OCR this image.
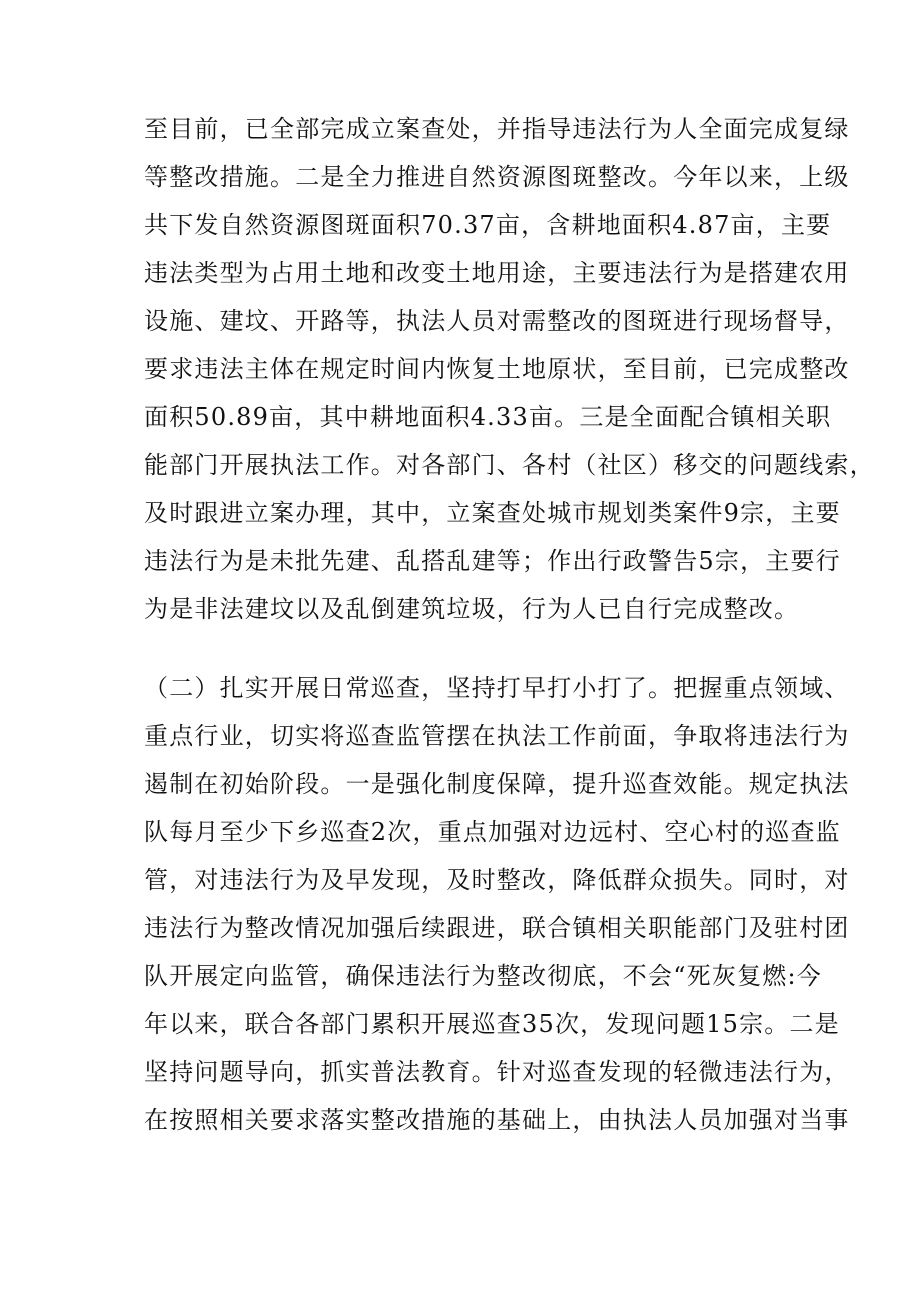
至目前，已全部完成立案查处，并指导违法行为人全面完成复绿
等整改措施。二是全力推进自然资源图斑整改。今年以来，上级
共下发自然资源图斑面积70.37亩，含耕地面积4.87亩，主要
违法类型为占用土地和改变土地用途，主要违法行为是搭建农用
设施、建坟、开路等，执法人员对需整改的图斑进行现场督导，
要求违法主体在规定时间内恢复土地原状，至目前，已完成整改
面积50.89亩，其中耕地面积4.33亩。三是全面配合镇相关职
能部门开展执法工作。对各部门、各村（社区）移交的问题线索，
及时跟进立案办理，其中，立案查处城市规划类案件9宗，主要
违法行为是未批先建、乱搭乱建等；作出行政警告5宗，主要行
为是非法建坟以及乱倒建筑垃圾，行为人已自行完成整改。

（二）扎实开展日常巡查，坚持打早打小打了。把握重点领域、
重点行业，切实将巡查监管摆在执法工作前面，争取将违法行为
遏制在初始阶段。一是强化制度保障，提升巡查效能。规定执法
队每月至少下乡巡查2次，重点加强对边远村、空心村的巡查监
管，对违法行为及早发现，及时整改，降低群众损失。同时，对
违法行为整改情况加强后续跟进，联合镇相关职能部门及驻村团
队开展定向监管，确保违法行为整改彻底，不会“死灰复燃:今
年以来，联合各部门累积开展巡查35次，发现问题15宗。二是
坚持问题导向，抓实普法教育。针对巡查发现的轻微违法行为，
在按照相关要求落实整改措施的基础上，由执法人员加强对当事
